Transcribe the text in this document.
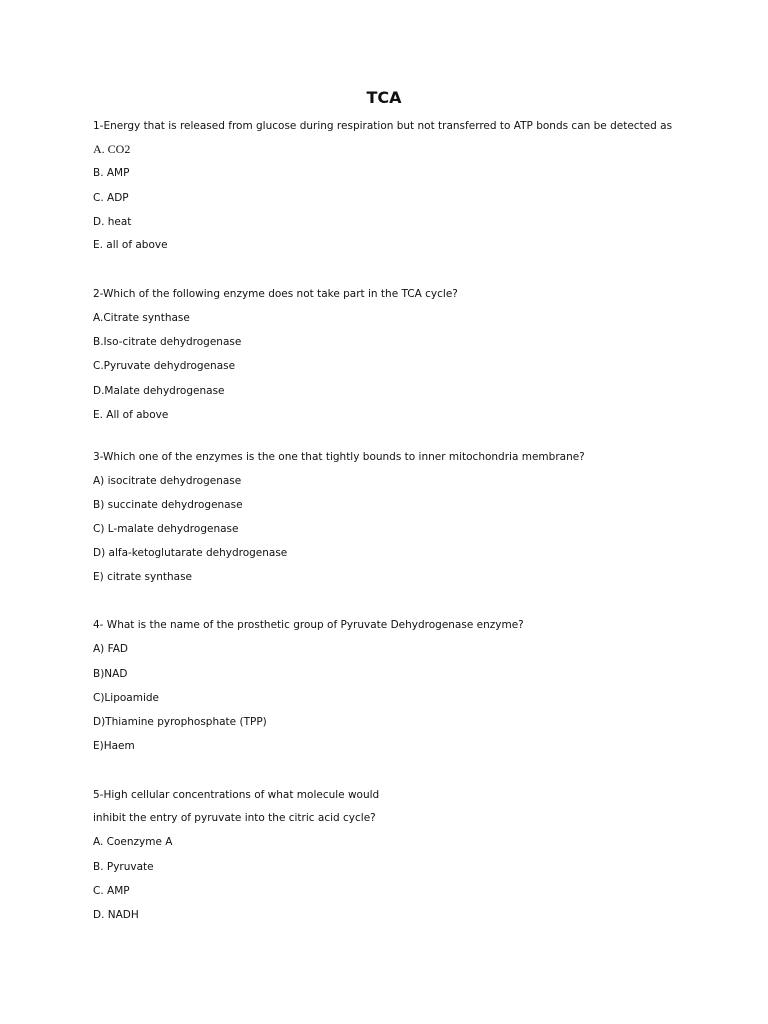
TCA
1-Energy that is released from glucose during respiration but not transferred to ATP bonds can be detected as
A. CO2
B. AMP
C. ADP
D. heat
E. all of above
2-Which of the following enzyme does not take part in the TCA cycle?
A.Citrate synthase
B.Iso-citrate dehydrogenase
C.Pyruvate dehydrogenase
D.Malate dehydrogenase
E. All of above
3-Which one of the enzymes is the one that tightly bounds to inner mitochondria membrane?
A) isocitrate dehydrogenase
B) succinate dehydrogenase
C) L-malate dehydrogenase
D) alfa-ketoglutarate dehydrogenase
E) citrate synthase
4- What is the name of the prosthetic group of Pyruvate Dehydrogenase enzyme?
A) FAD
B)NAD
C)Lipoamide
D)Thiamine pyrophosphate (TPP)
E)Haem
5-High cellular concentrations of what molecule would
inhibit the entry of pyruvate into the citric acid cycle?
A. Coenzyme A
B. Pyruvate
C. AMP
D. NADH
